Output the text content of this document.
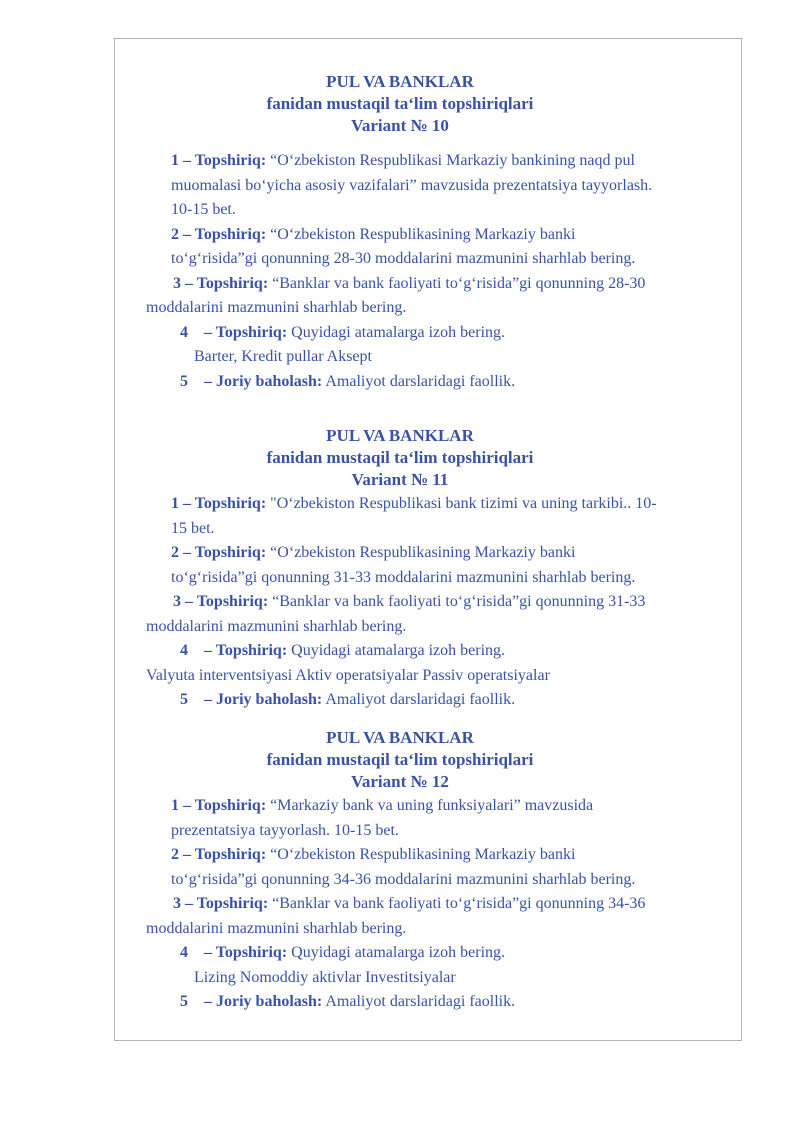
PUL VA BANKLAR

fanidan mustaqil ta‘lim topshiriqlari

Variant № 10

1 – Topshiriq: “O‘zbekiston Respublikasi Markaziy bankining naqd pul

muomalasi bo‘yicha asosiy vazifalari” mavzusida prezentatsiya tayyorlash.

10-15 bet.

2 – Topshiriq: “O‘zbekiston Respublikasining Markaziy banki

to‘g‘risida”gi qonunning 28-30 moddalarini mazmunini sharhlab bering.

3 – Topshiriq: “Banklar va bank faoliyati to‘g‘risida”gi qonunning 28-30

moddalarini mazmunini sharhlab bering.

4 – Topshiriq: Quyidagi atamalarga izoh bering.

Barter, Kredit pullar Aksept

5 – Joriy baholash: Amaliyot darslaridagi faollik.

PUL VA BANKLAR

fanidan mustaqil ta‘lim topshiriqlari

Variant № 11

1 – Topshiriq: "O‘zbekiston Respublikasi bank tizimi va uning tarkibi.. 10-

15 bet.

2 – Topshiriq: “O‘zbekiston Respublikasining Markaziy banki

to‘g‘risida”gi qonunning 31-33 moddalarini mazmunini sharhlab bering.

3 – Topshiriq: “Banklar va bank faoliyati to‘g‘risida”gi qonunning 31-33

moddalarini mazmunini sharhlab bering.

4 – Topshiriq: Quyidagi atamalarga izoh bering.

Valyuta interventsiyasi Aktiv operatsiyalar Passiv operatsiyalar

5 – Joriy baholash: Amaliyot darslaridagi faollik.

PUL VA BANKLAR

fanidan mustaqil ta‘lim topshiriqlari

Variant № 12

1 – Topshiriq: “Markaziy bank va uning funksiyalari” mavzusida

prezentatsiya tayyorlash. 10-15 bet.

2 – Topshiriq: “O‘zbekiston Respublikasining Markaziy banki

to‘g‘risida”gi qonunning 34-36 moddalarini mazmunini sharhlab bering.

3 – Topshiriq: “Banklar va bank faoliyati to‘g‘risida”gi qonunning 34-36

moddalarini mazmunini sharhlab bering.

4 – Topshiriq: Quyidagi atamalarga izoh bering.

Lizing Nomoddiy aktivlar Investitsiyalar

5 – Joriy baholash: Amaliyot darslaridagi faollik.
